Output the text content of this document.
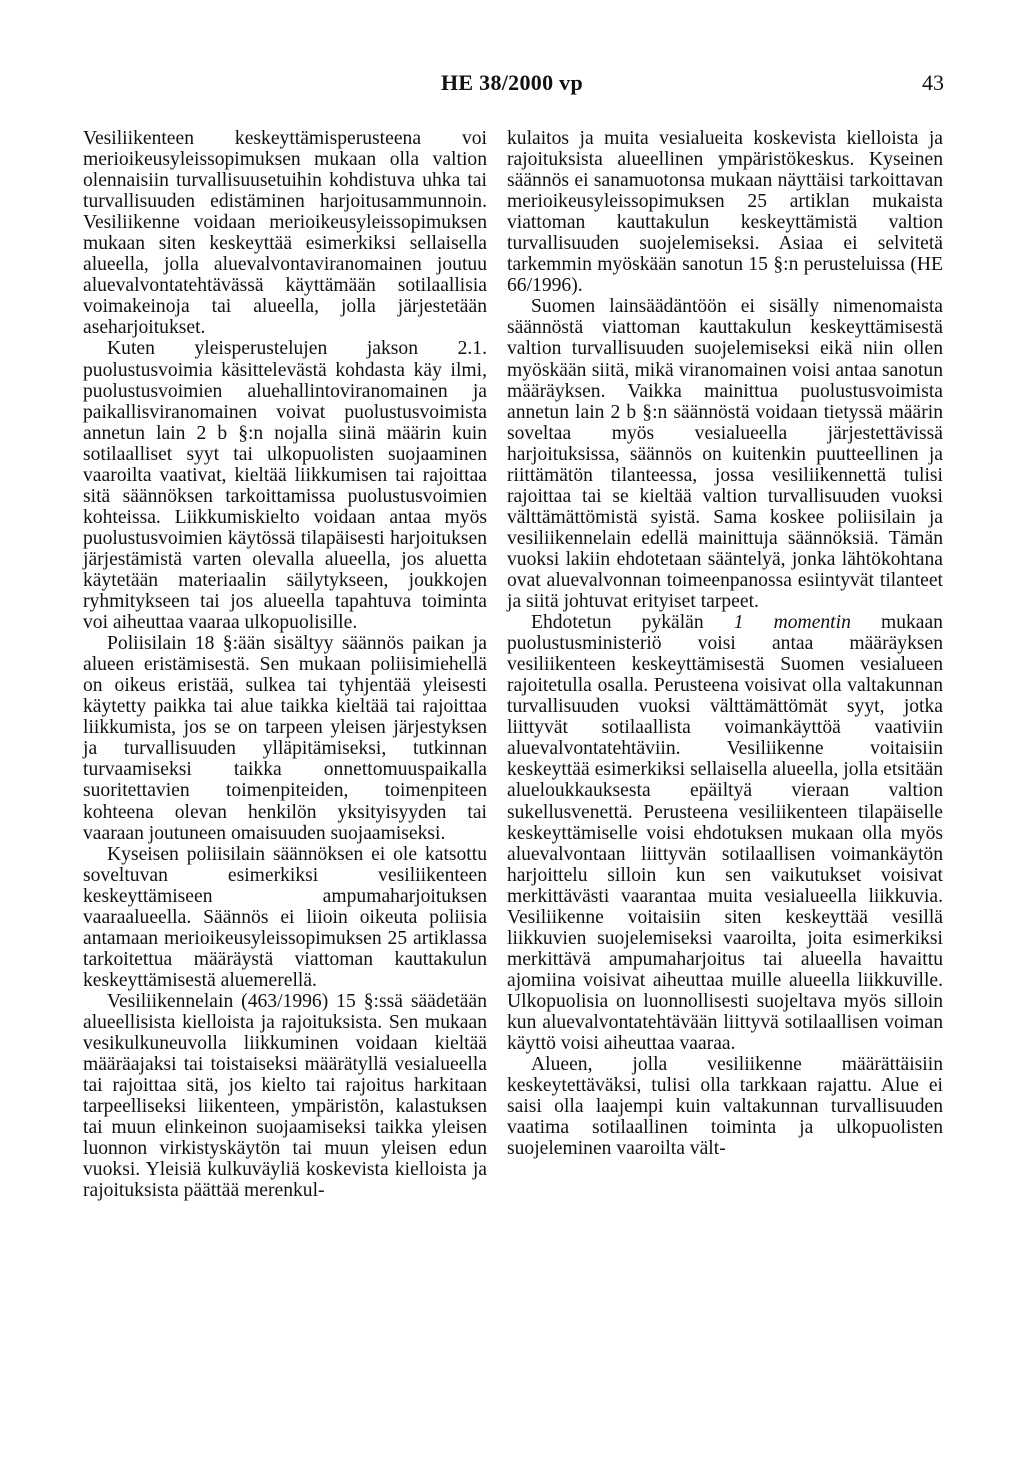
HE 38/2000 vp	43

Vesiliikenteen keskeyttämisperusteena voi merioikeusyleissopimuksen mukaan olla valtion olennaisiin turvallisuusetuihin kohdistuva uhka tai turvallisuuden edistäminen harjoitusammunnoin. Vesiliikenne voidaan merioikeusyleissopimuksen mukaan siten keskeyttää esimerkiksi sellaisella alueella, jolla aluevalvontaviranomainen joutuu aluevalvontatehtävässä käyttämään sotilaallisia voimakeinoja tai alueella, jolla järjestetään aseharjoitukset.

Kuten yleisperustelujen jakson 2.1. puolustusvoimia käsittelevästä kohdasta käy ilmi, puolustusvoimien aluehallintoviranomainen ja paikallisviranomainen voivat puolustusvoimista annetun lain 2 b §:n nojalla siinä määrin kuin sotilaalliset syyt tai ulkopuolisten suojaaminen vaaroilta vaativat, kieltää liikkumisen tai rajoittaa sitä säännöksen tarkoittamissa puolustusvoimien kohteissa. Liikkumiskielto voidaan antaa myös puolustusvoimien käytössä tilapäisesti harjoituksen järjestämistä varten olevalla alueella, jos aluetta käytetään materiaalin säilytykseen, joukkojen ryhmitykseen tai jos alueella tapahtuva toiminta voi aiheuttaa vaaraa ulkopuolisille.

Poliisilain 18 §:ään sisältyy säännös paikan ja alueen eristämisestä. Sen mukaan poliisimiehellä on oikeus eristää, sulkea tai tyhjentää yleisesti käytetty paikka tai alue taikka kieltää tai rajoittaa liikkumista, jos se on tarpeen yleisen järjestyksen ja turvallisuuden ylläpitämiseksi, tutkinnan turvaamiseksi taikka onnettomuuspaikalla suoritettavien toimenpiteiden, toimenpiteen kohteena olevan henkilön yksityisyyden tai vaaraan joutuneen omaisuuden suojaamiseksi.

Kyseisen poliisilain säännöksen ei ole katsottu soveltuvan esimerkiksi vesiliikenteen keskeyttämiseen ampumaharjoituksen vaaraalueella. Säännös ei liioin oikeuta poliisia antamaan merioikeusyleissopimuksen 25 artiklassa tarkoitettua määräystä viattoman kauttakulun keskeyttämisestä aluemerellä.

Vesiliikennelain (463/1996) 15 §:ssä säädetään alueellisista kielloista ja rajoituksista. Sen mukaan vesikulkuneuvolla liikkuminen voidaan kieltää määräajaksi tai toistaiseksi määrätyllä vesialueella tai rajoittaa sitä, jos kielto tai rajoitus harkitaan tarpeelliseksi liikenteen, ympäristön, kalastuksen tai muun elinkeinon suojaamiseksi taikka yleisen luonnon virkistyskäytön tai muun yleisen edun vuoksi. Yleisiä kulkuväyliä koskevista kielloista ja rajoituksista päättää merenkul-

kulaitos ja muita vesialueita koskevista kielloista ja rajoituksista alueellinen ympäristökeskus. Kyseinen säännös ei sanamuotonsa mukaan näyttäisi tarkoittavan merioikeusyleissopimuksen 25 artiklan mukaista viattoman kauttakulun keskeyttämistä valtion turvallisuuden suojelemiseksi. Asiaa ei selvitetä tarkemmin myöskään sanotun 15 §:n perusteluissa (HE 66/1996).

Suomen lainsäädäntöön ei sisälly nimenomaista säännöstä viattoman kauttakulun keskeyttämisestä valtion turvallisuuden suojelemiseksi eikä niin ollen myöskään siitä, mikä viranomainen voisi antaa sanotun määräyksen. Vaikka mainittua puolustusvoimista annetun lain 2 b §:n säännöstä voidaan tietyssä määrin soveltaa myös vesialueella järjestettävissä harjoituksissa, säännös on kuitenkin puutteellinen ja riittämätön tilanteessa, jossa vesiliikennettä tulisi rajoittaa tai se kieltää valtion turvallisuuden vuoksi välttämättömistä syistä. Sama koskee poliisilain ja vesiliikennelain edellä mainittuja säännöksiä. Tämän vuoksi lakiin ehdotetaan sääntelyä, jonka lähtökohtana ovat aluevalvonnan toimeenpanossa esiintyvät tilanteet ja siitä johtuvat erityiset tarpeet.

Ehdotetun pykälän 1 momentin mukaan puolustusministeriö voisi antaa määräyksen vesiliikenteen keskeyttämisestä Suomen vesialueen rajoitetulla osalla. Perusteena voisivat olla valtakunnan turvallisuuden vuoksi välttämättömät syyt, jotka liittyvät sotilaallista voimankäyttöä vaativiin aluevalvontatehtäviin. Vesiliikenne voitaisiin keskeyttää esimerkiksi sellaisella alueella, jolla etsitään alueloukkauksesta epäiltyä vieraan valtion sukellusvenettä. Perusteena vesiliikenteen tilapäiselle keskeyttämiselle voisi ehdotuksen mukaan olla myös aluevalvontaan liittyvän sotilaallisen voimankäytön harjoittelu silloin kun sen vaikutukset voisivat merkittävästi vaarantaa muita vesialueella liikkuvia. Vesiliikenne voitaisiin siten keskeyttää vesillä liikkuvien suojelemiseksi vaaroilta, joita esimerkiksi merkittävä ampumaharjoitus tai alueella havaittu ajomiina voisivat aiheuttaa muille alueella liikkuville. Ulkopuolisia on luonnollisesti suojeltava myös silloin kun aluevalvontatehtävään liittyvä sotilaallisen voiman käyttö voisi aiheuttaa vaaraa.

Alueen, jolla vesiliikenne määrättäisiin keskeytettäväksi, tulisi olla tarkkaan rajattu. Alue ei saisi olla laajempi kuin valtakunnan turvallisuuden vaatima sotilaallinen toiminta ja ulkopuolisten suojeleminen vaaroilta vält-
